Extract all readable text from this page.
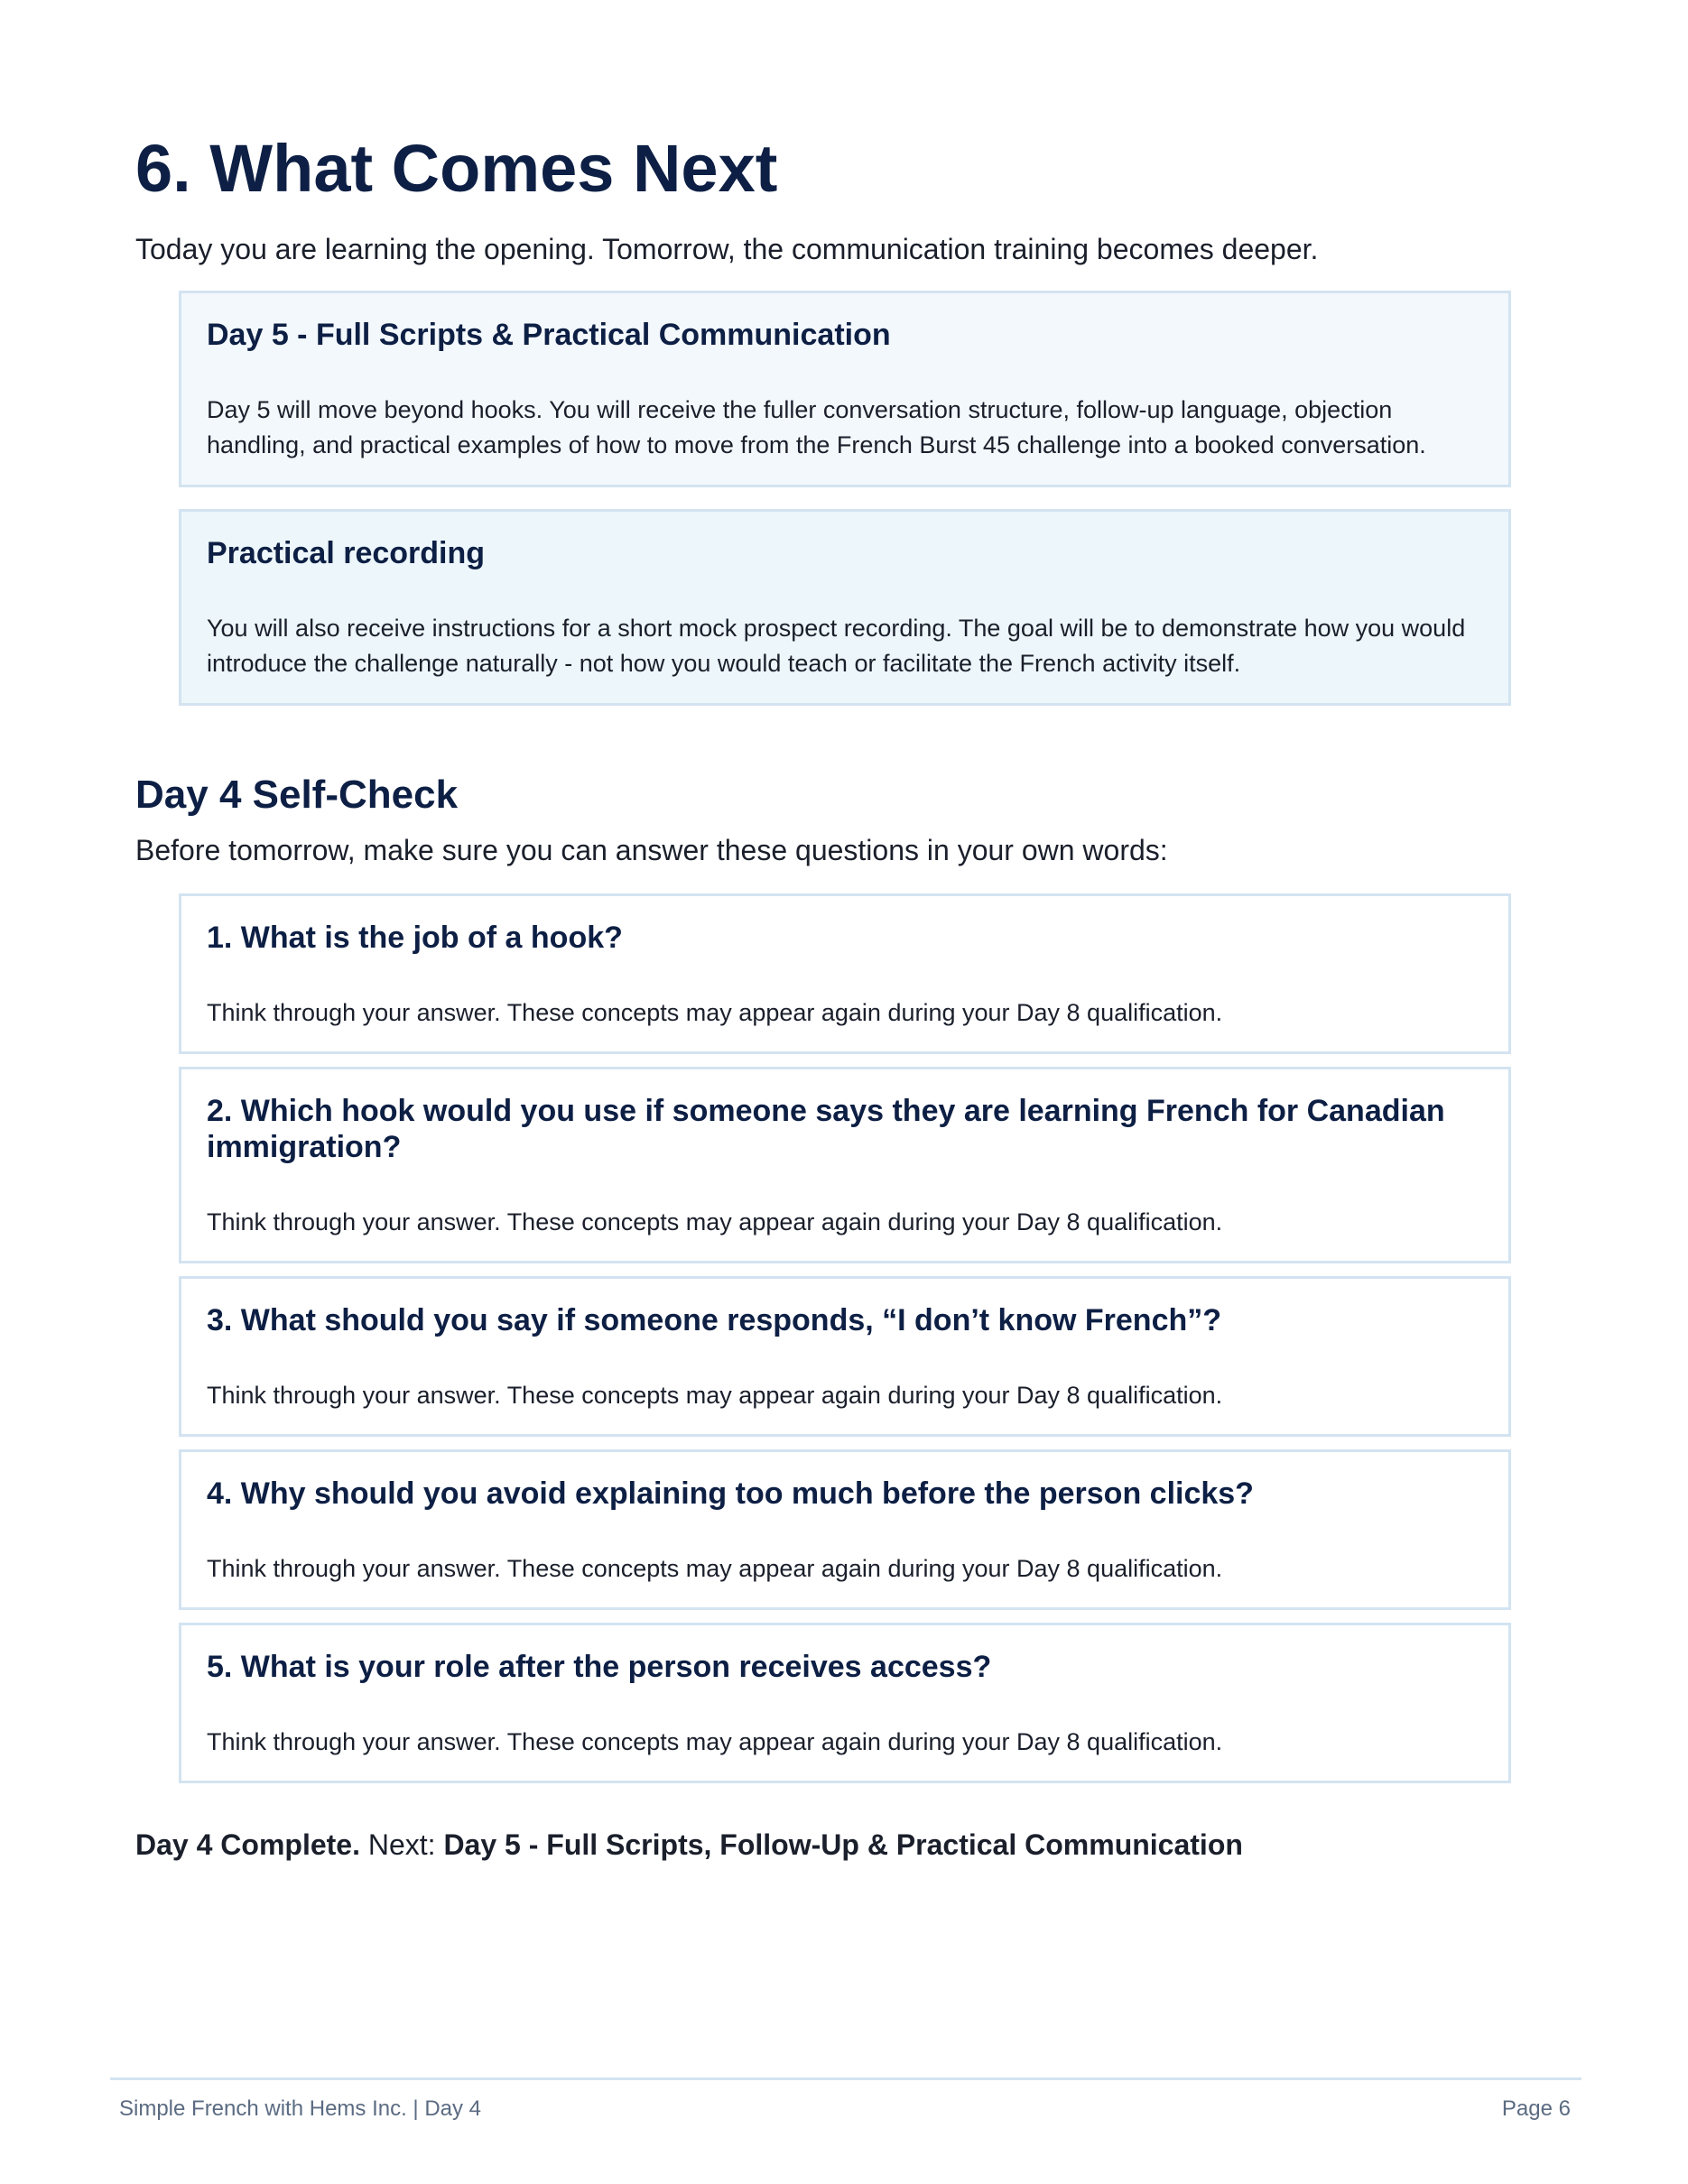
6. What Comes Next

Today you are learning the opening. Tomorrow, the communication training becomes deeper.

Day 5 - Full Scripts & Practical Communication

Day 5 will move beyond hooks. You will receive the fuller conversation structure, follow-up language, objection handling, and practical examples of how to move from the French Burst 45 challenge into a booked conversation.

Practical recording

You will also receive instructions for a short mock prospect recording. The goal will be to demonstrate how you would introduce the challenge naturally - not how you would teach or facilitate the French activity itself.

Day 4 Self-Check

Before tomorrow, make sure you can answer these questions in your own words:

1. What is the job of a hook?

Think through your answer. These concepts may appear again during your Day 8 qualification.

2. Which hook would you use if someone says they are learning French for Canadian immigration?

Think through your answer. These concepts may appear again during your Day 8 qualification.

3. What should you say if someone responds, “I don’t know French”?

Think through your answer. These concepts may appear again during your Day 8 qualification.

4. Why should you avoid explaining too much before the person clicks?

Think through your answer. These concepts may appear again during your Day 8 qualification.

5. What is your role after the person receives access?

Think through your answer. These concepts may appear again during your Day 8 qualification.

Day 4 Complete. Next: Day 5 - Full Scripts, Follow-Up & Practical Communication

Simple French with Hems Inc. | Day 4	Page 6
